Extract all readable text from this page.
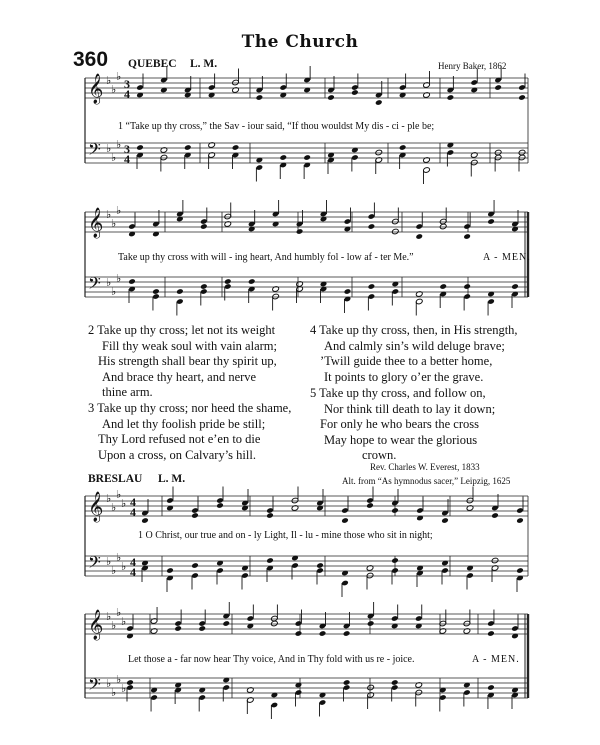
The Church
360 QUEBEC L. M.	Henry Baker, 1862
𝄞
𝄢
𝄞
𝄢
𝄞
𝄢
𝄞
𝄢
♭
♭
♭
♭
♭
♭
♭
♭
♭
♭
♭
♭
♭
♭
♭
♭
♭
♭
♭
♭
♭
♭
♭
♭
♭
♭
♭
♭
3
4
3
4
4
4
4
4
1 “Take up thy cross,” the Sav - iour said, “If thou wouldst My dis - ci - ple be;
Take up thy cross with will - ing heart, And humbly fol - low af - ter Me.”	A - MEN.
2 Take up thy cross; let not its weight
Fill thy weak soul with vain alarm;
His strength shall bear thy spirit up,
And brace thy heart, and nerve
thine arm.
3 Take up thy cross; nor heed the shame,
And let thy foolish pride be still;
Thy Lord refused not e’en to die
Upon a cross, on Calvary’s hill.
4 Take up thy cross, then, in His strength,
And calmly sin’s wild deluge brave;
’Twill guide thee to a better home,
It points to glory o’er the grave.
5 Take up thy cross, and follow on,
Nor think till death to lay it down;
For only he who bears the cross
May hope to wear the glorious
crown.
Rev. Charles W. Everest, 1833
BRESLAU L. M.	Alt. from “As hymnodus sacer,” Leipzig, 1625
1 O Christ, our true and on - ly Light, Il - lu - mine those who sit in night;
Let those a - far now hear Thy voice, And in Thy fold with us re - joice.	A - MEN.
